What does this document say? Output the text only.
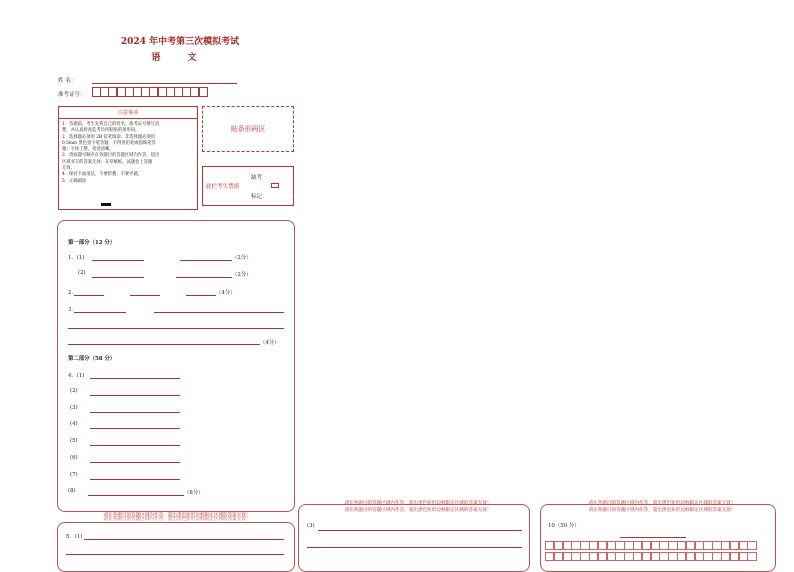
2024 年中考第三次模拟考试
语 文
姓 名：
准考证号：
注意事项
1．答题前，考生先将自己的姓名，准考证号填写清
楚，并认真检查监考员所粘贴的条形码。
2．选择题必须用 2B 铅笔填涂；非选择题必须用
0.5mm 黑色签字笔答题，不得用铅笔或圆珠笔答
题；字体工整、笔迹清晰。
3．请按题号顺序在各题目的答题区域内作答，超出
区域书写的答案无效；在草稿纸、试题卷上答题
无效。
4．保持卡面清洁，不要折叠、不要弄破。
5．正确填涂
贴条形码区
缺考
此栏考生禁填
标记
第一部分（12 分）
1．(1)	（2分）
(2)	（2分）
2．	（4分）
3．
（4分）
第二部分（58 分）
4．(1)
(2)
(3)
(4)
(5)
(6)
(7)
(8)	（8分）
请在各题目的答题区域内作答，超出黑色矩形边框限定区域的答案无效！
请在各题目的答题区域内作答，超出黑色矩形边框限定区域的答案无效！
5．(1)
请在各题目的答题区域内作答，超出黑色矩形边框限定区域的答案无效！
请在各题目的答题区域内作答，超出黑色矩形边框限定区域的答案无效！
(3)
请在各题目的答题区域内作答，超出黑色矩形边框限定区域的答案无效！
请在各题目的答题区域内作答，超出黑色矩形边框限定区域的答案无效！
10（50 分）
